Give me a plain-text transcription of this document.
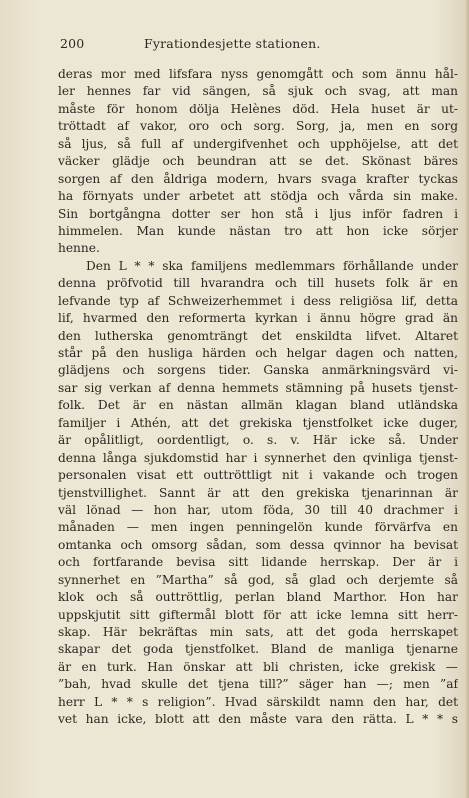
200	Fyrationdesjette stationen.
deras mor med lifsfara nyss genomgått och som ännu hål-
ler hennes far vid sängen, så sjuk och svag, att man
måste för honom dölja Helènes död. Hela huset är ut-
tröttadt af vakor, oro och sorg. Sorg, ja, men en sorg
så ljus, så full af undergifvenhet och upphöjelse, att det
väcker glädje och beundran att se det. Skönast bäres
sorgen af den åldriga modern, hvars svaga krafter tyckas
ha förnyats under arbetet att stödja och vårda sin make.
Sin bortgångna dotter ser hon stå i ljus inför fadren i
himmelen. Man kunde nästan tro att hon icke sörjer
henne.
Den L * * ska familjens medlemmars förhållande under
denna pröfvotid till hvarandra och till husets folk är en
lefvande typ af Schweizerhemmet i dess religiösa lif, detta
lif, hvarmed den reformerta kyrkan i ännu högre grad än
den lutherska genomträngt det enskildta lifvet. Altaret
står på den husliga härden och helgar dagen och natten,
glädjens och sorgens tider. Ganska anmärkningsvärd vi-
sar sig verkan af denna hemmets stämning på husets tjenst-
folk. Det är en nästan allmän klagan bland utländska
familjer i Athén, att det grekiska tjenstfolket icke duger,
är opålitligt, oordentligt, o. s. v. Här icke så. Under
denna långa sjukdomstid har i synnerhet den qvinliga tjenst-
personalen visat ett outtröttligt nit i vakande och trogen
tjenstvillighet. Sannt är att den grekiska tjenarinnan är
väl lönad — hon har, utom föda, 30 till 40 drachmer i
månaden — men ingen penningelön kunde förvärfva en
omtanka och omsorg sådan, som dessa qvinnor ha bevisat
och fortfarande bevisa sitt lidande herrskap. Der är i
synnerhet en ”Martha” så god, så glad och derjemte så
klok och så outtröttlig, perlan bland Marthor. Hon har
uppskjutit sitt giftermål blott för att icke lemna sitt herr-
skap. Här bekräftas min sats, att det goda herrskapet
skapar det goda tjenstfolket. Bland de manliga tjenarne
är en turk. Han önskar att bli christen, icke grekisk —
”bah, hvad skulle det tjena till?” säger han —; men ”af
herr L * * s religion”. Hvad särskildt namn den har, det
vet han icke, blott att den måste vara den rätta. L * * s
